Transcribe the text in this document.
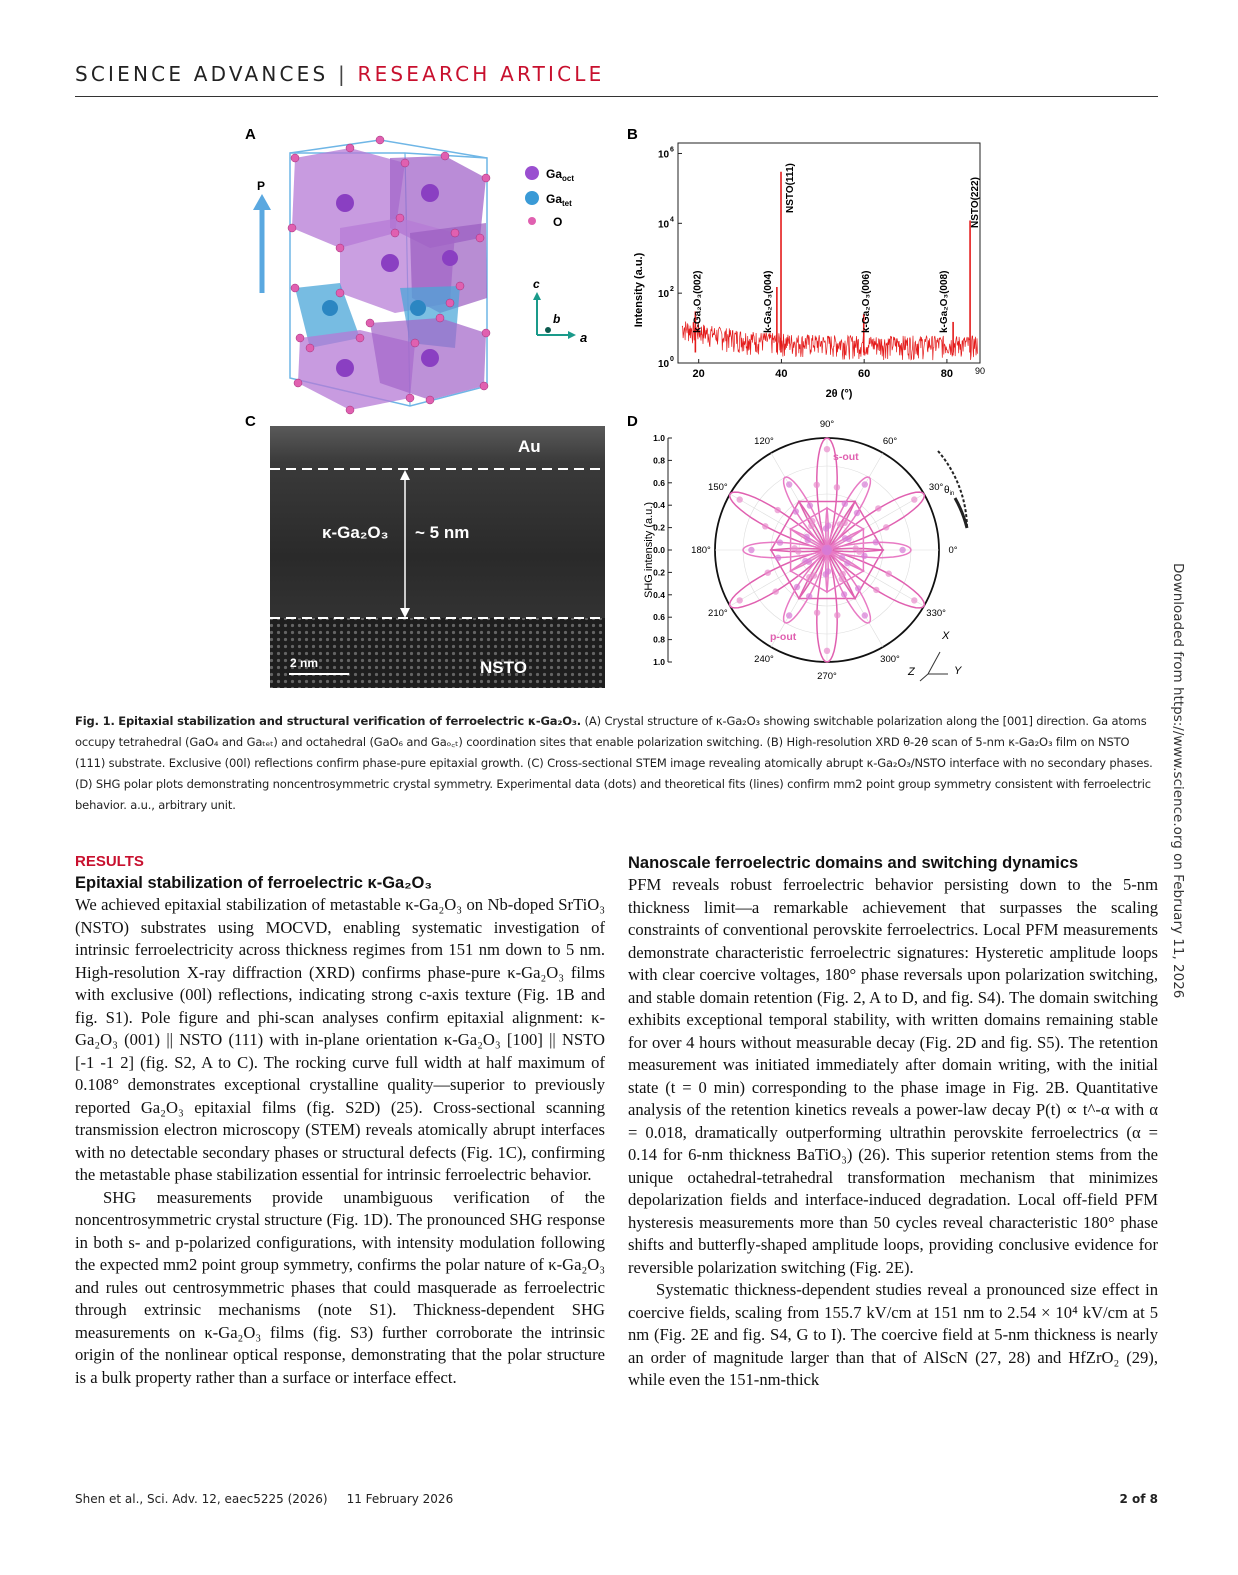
SCIENCE ADVANCES | RESEARCH ARTICLE
Downloaded from https://www.science.org on February 11, 2026
A	B
C	D
P
$Ga_{oct}$
$Ga_{tet}$
O
c
b
a
k-Ga₂O₃(002)	k-Ga₂O₃(004)
NSTO(111)
k-Ga₂O₃(006)	k-Ga₂O₃(008)
NSTO(222)
20	40	60	80 90
10 0
10 2
10 4
10 6
Intensity (a.u.)
2θ (°)
Au
κ-Ga₂O₃ ~ 5 nm
2 nm	NSTO
90°
60°
30°
0°
330°
300°
270°
240°
210°
180°
150°
120°
1.0
0.8
0.6
0.4
0.2
0.0
0.2
0.4
0.6
0.8
1.0
SHG intensity (a.u.)
s-out
p-out
$\theta_{in}$
X
Y
Z
Fig. 1. Epitaxial stabilization and structural verification of ferroelectric κ-Ga₂O₃. (A) Crystal structure of κ-Ga₂O₃ showing switchable polarization along the [001] direction. Ga atoms occupy tetrahedral (GaO₄ and Gaₜₑₜ) and octahedral (GaO₆ and Gaₒ꜀ₜ) coordination sites that enable polarization switching. (B) High-resolution XRD θ-2θ scan of 5-nm κ-Ga₂O₃ film on NSTO (111) substrate. Exclusive (00l) reflections confirm phase-pure epitaxial growth. (C) Cross-sectional STEM image revealing atomically abrupt κ-Ga₂O₃/NSTO interface with no secondary phases. (D) SHG polar plots demonstrating noncentrosymmetric crystal symmetry. Experimental data (dots) and theoretical fits (lines) confirm mm2 point group symmetry consistent with ferroelectric behavior. a.u., arbitrary unit.
RESULTS
Epitaxial stabilization of ferroelectric κ-Ga₂O₃

We achieved epitaxial stabilization of metastable κ-Ga₂O₃ on Nb-doped SrTiO₃ (NSTO) substrates using MOCVD, enabling systematic investigation of intrinsic ferroelectricity across thickness regimes from 151 nm down to 5 nm. High-resolution X-ray diffraction (XRD) confirms phase-pure κ-Ga₂O₃ films with exclusive (00l) reflections, indicating strong c-axis texture (Fig. 1B and fig. S1). Pole figure and phi-scan analyses confirm epitaxial alignment: κ-Ga₂O₃ (001) || NSTO (111) with in-plane orientation κ-Ga₂O₃ [100] || NSTO [-1 -1 2] (fig. S2, A to C). The rocking curve full width at half maximum of 0.108° demonstrates exceptional crystalline quality—superior to previously reported Ga₂O₃ epitaxial films (fig. S2D) (25). Cross-sectional scanning transmission electron microscopy (STEM) reveals atomically abrupt interfaces with no detectable secondary phases or structural defects (Fig. 1C), confirming the metastable phase stabilization essential for intrinsic ferroelectric behavior.

SHG measurements provide unambiguous verification of the noncentrosymmetric crystal structure (Fig. 1D). The pronounced SHG response in both s- and p-polarized configurations, with intensity modulation following the expected mm2 point group symmetry, confirms the polar nature of κ-Ga₂O₃ and rules out centrosymmetric phases that could masquerade as ferroelectric through extrinsic mechanisms (note S1). Thickness-dependent SHG measurements on κ-Ga₂O₃ films (fig. S3) further corroborate the intrinsic origin of the nonlinear optical response, demonstrating that the polar structure is a bulk property rather than a surface or interface effect.

Nanoscale ferroelectric domains and switching dynamics

PFM reveals robust ferroelectric behavior persisting down to the 5-nm thickness limit—a remarkable achievement that surpasses the scaling constraints of conventional perovskite ferroelectrics. Local PFM measurements demonstrate characteristic ferroelectric signatures: Hysteretic amplitude loops with clear coercive voltages, 180° phase reversals upon polarization switching, and stable domain retention (Fig. 2, A to D, and fig. S4). The domain switching exhibits exceptional temporal stability, with written domains remaining stable for over 4 hours without measurable decay (Fig. 2D and fig. S5). The retention measurement was initiated immediately after domain writing, with the initial state (t = 0 min) corresponding to the phase image in Fig. 2B. Quantitative analysis of the retention kinetics reveals a power-law decay P(t) ∝ t^-α with α = 0.018, dramatically outperforming ultrathin perovskite ferroelectrics (α = 0.14 for 6-nm thickness BaTiO₃) (26). This superior retention stems from the unique octahedral-tetrahedral transformation mechanism that minimizes depolarization fields and interface-induced degradation. Local off-field PFM hysteresis measurements more than 50 cycles reveal characteristic 180° phase shifts and butterfly-shaped amplitude loops, providing conclusive evidence for reversible polarization switching (Fig. 2E).

Systematic thickness-dependent studies reveal a pronounced size effect in coercive fields, scaling from 155.7 kV/cm at 151 nm to 2.54 × 10⁴ kV/cm at 5 nm (Fig. 2E and fig. S4, G to I). The coercive field at 5-nm thickness is nearly an order of magnitude larger than that of AlScN (27, 28) and HfZrO₂ (29), while even the 151-nm-thick

Shen et al., Sci. Adv. 12, eaec5225 (2026)     11 February 2026	2 of 8
